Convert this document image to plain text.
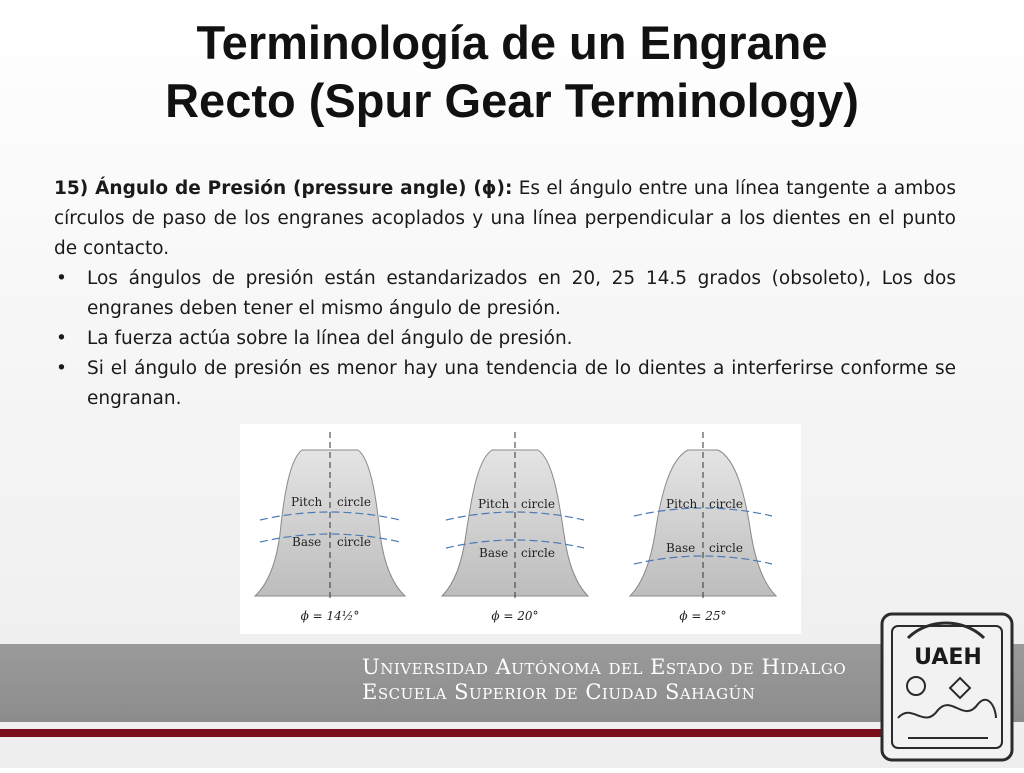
Terminología de un Engrane
Recto (Spur Gear Terminology)

15) Ángulo de Presión (pressure angle) (ϕ): Es el ángulo entre una línea tangente a ambos círculos de paso de los engranes acoplados y una línea perpendicular a los dientes en el punto de contacto.

• Los ángulos de presión están estandarizados en 20, 25 14.5 grados (obsoleto), Los dos engranes deben tener el mismo ángulo de presión.
• La fuerza actúa sobre la línea del ángulo de presión.
• Si el ángulo de presión es menor hay una tendencia de lo dientes a interferirse conforme se engranan.
Pitch circle
Base circle
ϕ = 14½°
Pitch circle
Base circle
ϕ = 20°
Pitch circle
Base circle
ϕ = 25°
Universidad Autónoma del Estado de Hidalgo
Escuela Superior de Ciudad Sahagún
UAEH
